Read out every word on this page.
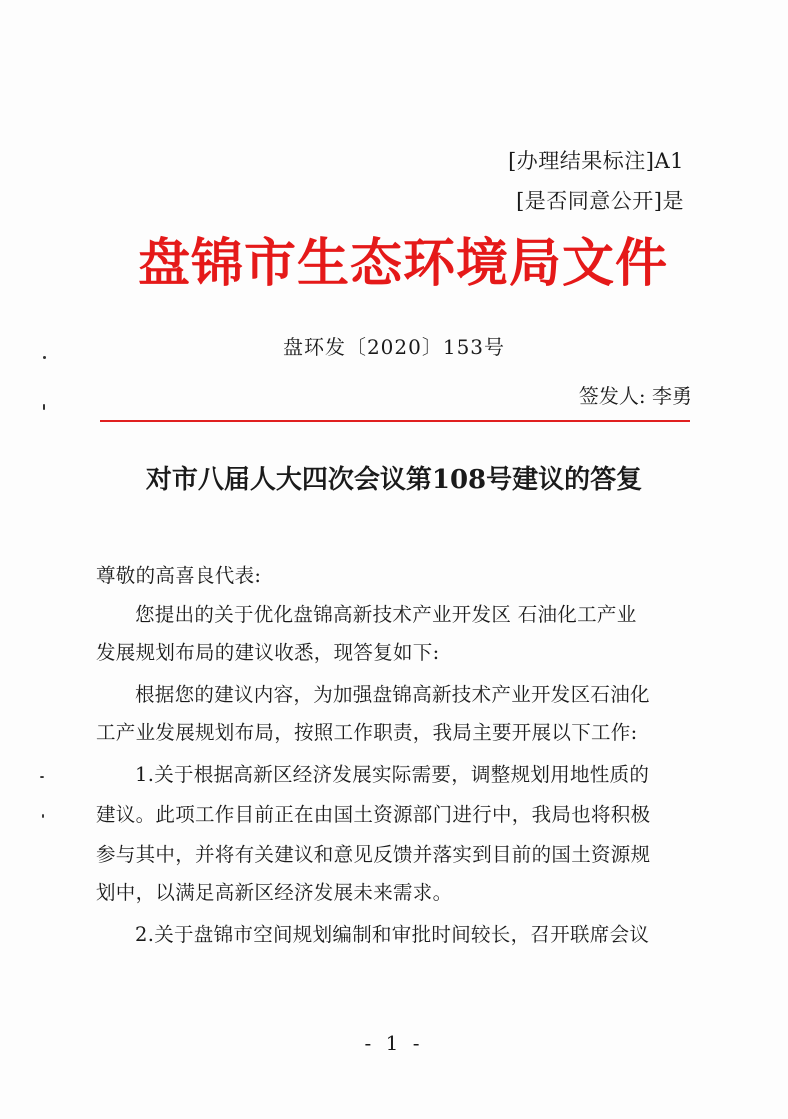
[办理结果标注]A1
[是否同意公开]是
盘锦市生态环境局文件
盘环发〔2020〕153号
签发人: 李勇
对市八届人大四次会议第108号建议的答复
尊敬的高喜良代表:
您提出的关于优化盘锦高新技术产业开发区 石油化工产业
发展规划布局的建议收悉，现答复如下:
根据您的建议内容，为加强盘锦高新技术产业开发区石油化
工产业发展规划布局，按照工作职责，我局主要开展以下工作:
1.关于根据高新区经济发展实际需要，调整规划用地性质的
建议。此项工作目前正在由国土资源部门进行中，我局也将积极
参与其中，并将有关建议和意见反馈并落实到目前的国土资源规
划中，以满足高新区经济发展未来需求。
2.关于盘锦市空间规划编制和审批时间较长，召开联席会议
- 1 -
